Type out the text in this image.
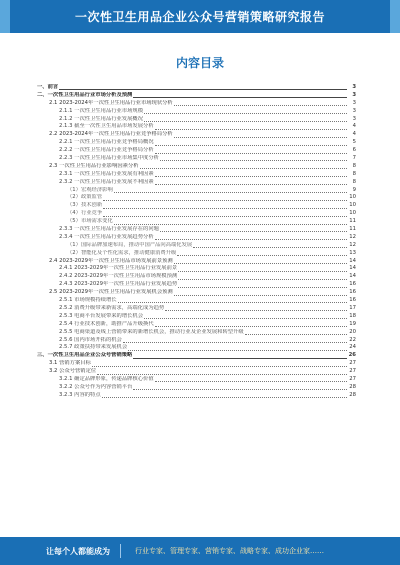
一次性卫生用品企业公众号营销策略研究报告
内容目录
一、前言	3
二、一次性卫生用品行业市场分析及预测	3
2.1 2023-2024年一次性卫生用品行业市场现状分析	3
2.1.1 一次性卫生用品行业市场规模	3
2.1.2 一次性卫生用品行业发展概况	3
2.1.3 截至一次性卫生用品市场发展分析	4
2.2 2023-2024年一次性卫生用品行业竞争格局分析	4
2.2.1 一次性卫生用品行业竞争格局概况	5
2.2.2 一次性卫生用品行业竞争格局分析	6
2.2.3 一次性卫生用品行业市场集中度分析	7
2.3 一次性卫生用品行业影响因素分析	8
2.3.1 一次性卫生用品行业发展有利因素	8
2.3.2 一次性卫生用品行业发展不利因素	8
（1）宏观经济影响	9
（2）政策监管	10
（3）技术创新	10
（4）行业竞争	10
（5）市场需求变化	11
2.3.3 一次性卫生用品行业发展存在的问题	11
2.3.4 一次性卫生用品行业发展趋势分析	12
（1）国际品牌加速布局，推动中国产品向高端化发展	12
（2）智能化及个性化需求，推动健康消费升级	13
2.4 2023-2029年一次性卫生用品市场发展前景预测	14
2.4.1 2023-2029年一次性卫生用品行业发展前景	14
2.4.2 2023-2029年一次性卫生用品市场规模预测	14
2.4.3 2023-2029年一次性卫生用品行业发展趋势	16
2.5 2023-2029年一次性卫生用品行业发展机会预测	16
2.5.1 市场规模持续增长	16
2.5.2 消费升级带来新需求，高端化成为趋势	17
2.5.3 电商平台发展带来的增长机会	18
2.5.4 行业技术创新，助推产品升级换代	19
2.5.5 电商渠道及线上营销带来的新增长机会，推动行业及企业发展和转型升级	20
2.5.6 国内市场开拓的机会	22
2.5.7 政策扶持带来发展机会	24
三、一次性卫生用品企业公众号营销策略	26
3.1 营销方案目标	27
3.2 公众号营销定位	27
3.2.1 确定品牌形象，传递品牌核心价值	27
3.2.2 公众号作为内容营销平台	28
3.2.3 内容的特点	28
让每个人都能成为	行业专家、管理专家、营销专家、战略专家、成功企业家……
